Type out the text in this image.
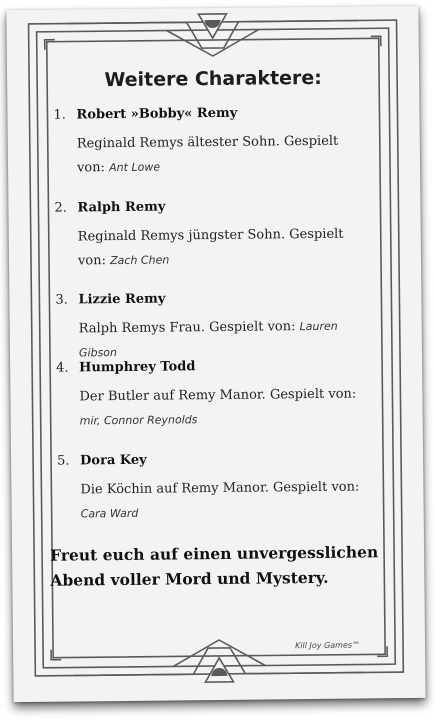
Weitere Charaktere:
1. Robert »Bobby« Remy
Reginald Remys ältester Sohn. Gespielt von: Ant Lowe
2. Ralph Remy
Reginald Remys jüngster Sohn. Gespielt von: Zach Chen
3. Lizzie Remy
Ralph Remys Frau. Gespielt von: Lauren Gibson
4. Humphrey Todd
Der Butler auf Remy Manor. Gespielt von: mir, Connor Reynolds
5. Dora Key
Die Köchin auf Remy Manor. Gespielt von: Cara Ward

Freut euch auf einen unvergesslichen Abend voller Mord und Mystery.

Kill Joy Games™
